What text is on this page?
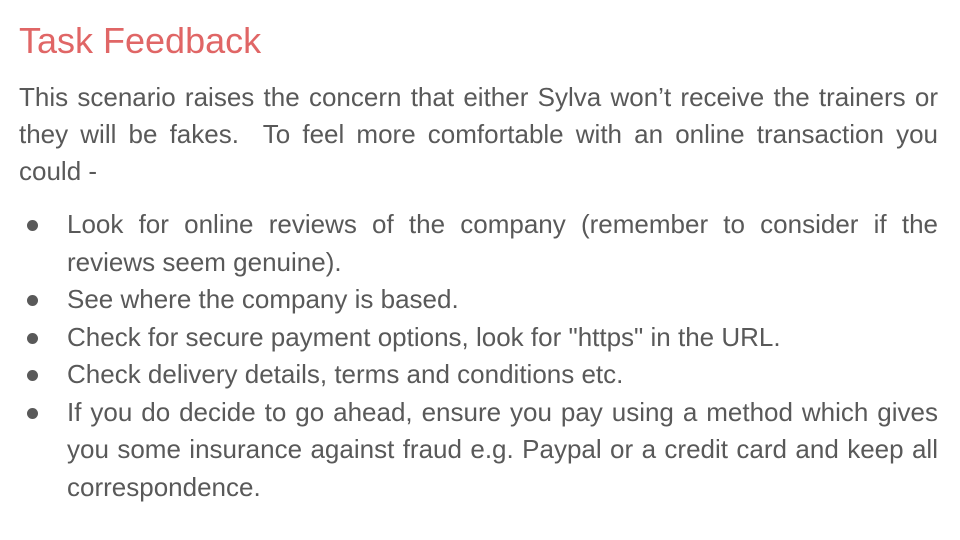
Task Feedback

This scenario raises the concern that either Sylva won’t receive the trainers or they will be fakes.  To feel more comfortable with an online transaction you could -

Look for online reviews of the company (remember to consider if the reviews seem genuine).
See where the company is based.
Check for secure payment options, look for "https" in the URL.
Check delivery details, terms and conditions etc.
If you do decide to go ahead, ensure you pay using a method which gives you some insurance against fraud e.g. Paypal or a credit card and keep all correspondence.
